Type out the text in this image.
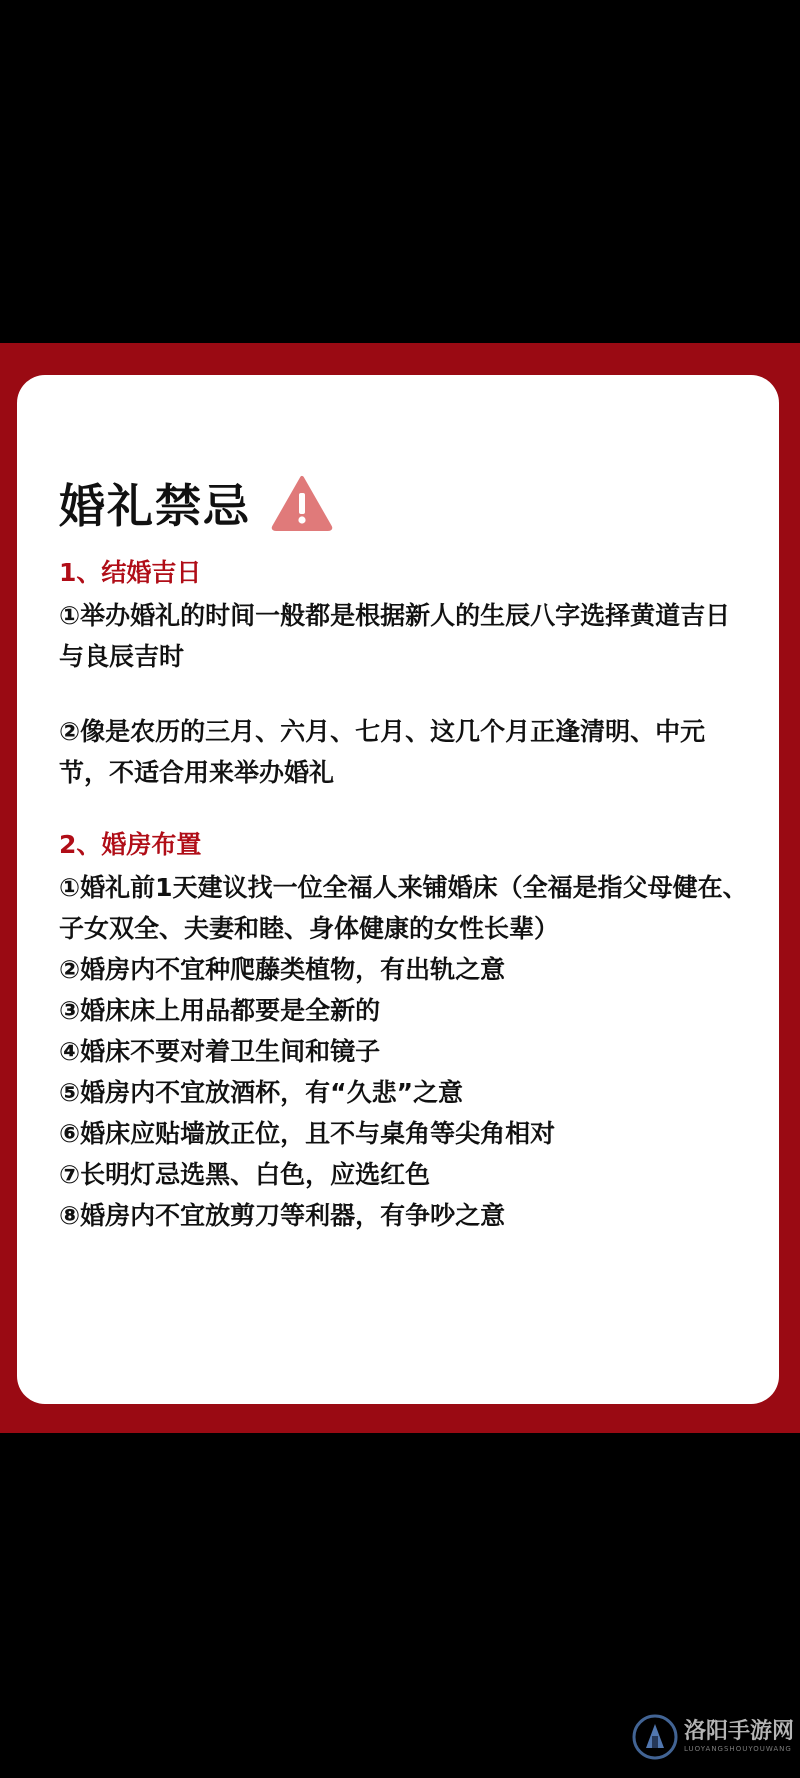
婚礼禁忌
1、结婚吉日
①举办婚礼的时间一般都是根据新人的生辰八字选择黄道吉日与良辰吉时
②像是农历的三月、六月、七月、这几个月正逢清明、中元节，不适合用来举办婚礼
2、婚房布置
①婚礼前1天建议找一位全福人来铺婚床（全福是指父母健在、子女双全、夫妻和睦、身体健康的女性长辈）
②婚房内不宜种爬藤类植物，有出轨之意
③婚床床上用品都要是全新的
④婚床不要对着卫生间和镜子
⑤婚房内不宜放酒杯，有“久悲”之意
⑥婚床应贴墙放正位，且不与桌角等尖角相对
⑦长明灯忌选黑、白色，应选红色
⑧婚房内不宜放剪刀等利器，有争吵之意
洛阳手游网
LUOYANGSHOUYOUWANG
